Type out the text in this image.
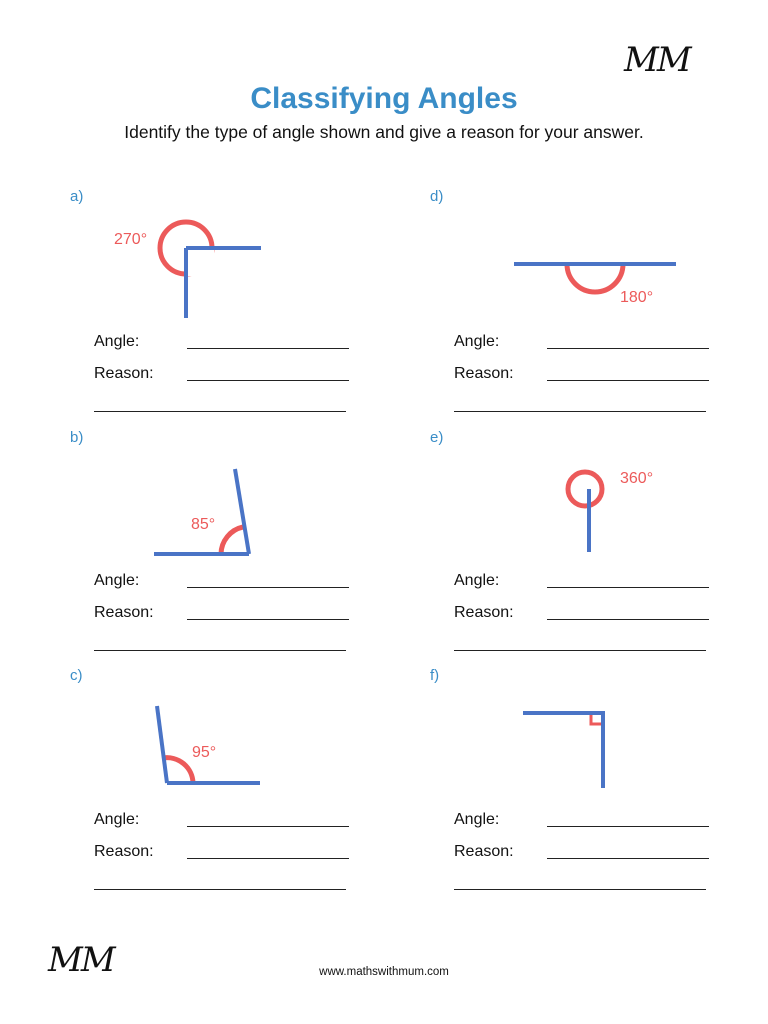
MM
Classifying Angles
Identify the type of angle shown and give a reason for your answer.
a)
270°
Angle:
Reason:
b)
85°
Angle:
Reason:
c)
95°
Angle:
Reason:
d)
180°
Angle:
Reason:
e)
360°
Angle:
Reason:
f)
Angle:
Reason:
MM	www.mathswithmum.com
